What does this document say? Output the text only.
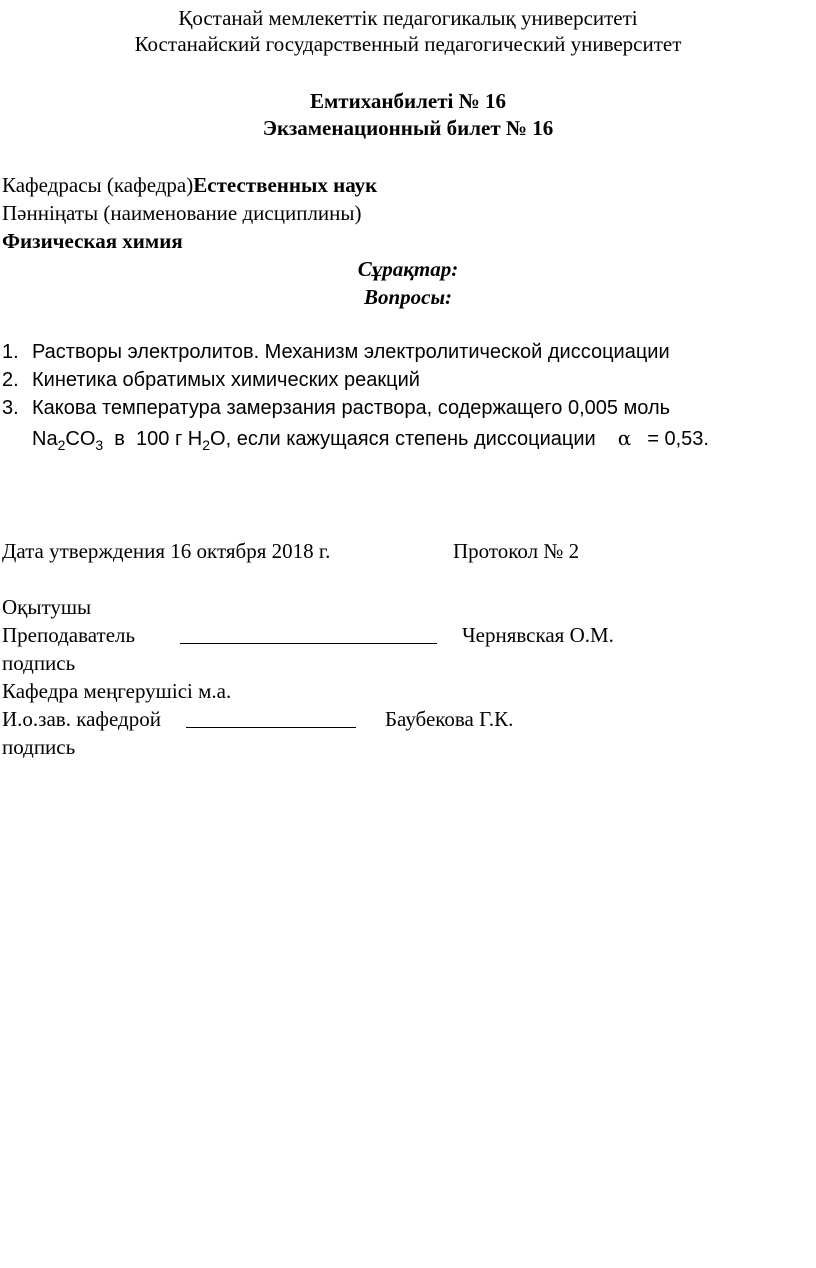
Қостанай мемлекеттік педагогикалық университеті
Костанайский государственный педагогический университет
Емтиханбилеті № 16
Экзаменационный билет № 16
Кафедрасы (кафедра)Естественных наук
Пәнніңаты (наименование дисциплины)
Физическая химия
Сұрақтар:
Вопросы:
1. Растворы электролитов. Механизм электролитической диссоциации
2. Кинетика обратимых химических реакций
3. Какова температура замерзания раствора, содержащего 0,005 моль
$Na_2CO_3$  в  100 г $H_2O$, если кажущаяся степень диссоциации α = 0,53.
Дата утверждения 16 октября 2018 г.	Протокол № 2
Оқытушы
Преподаватель	Чернявская О.М.
подпись
Кафедра меңгерушісі м.а.
И.о.зав. кафедрой	Баубекова Г.К.
подпись
